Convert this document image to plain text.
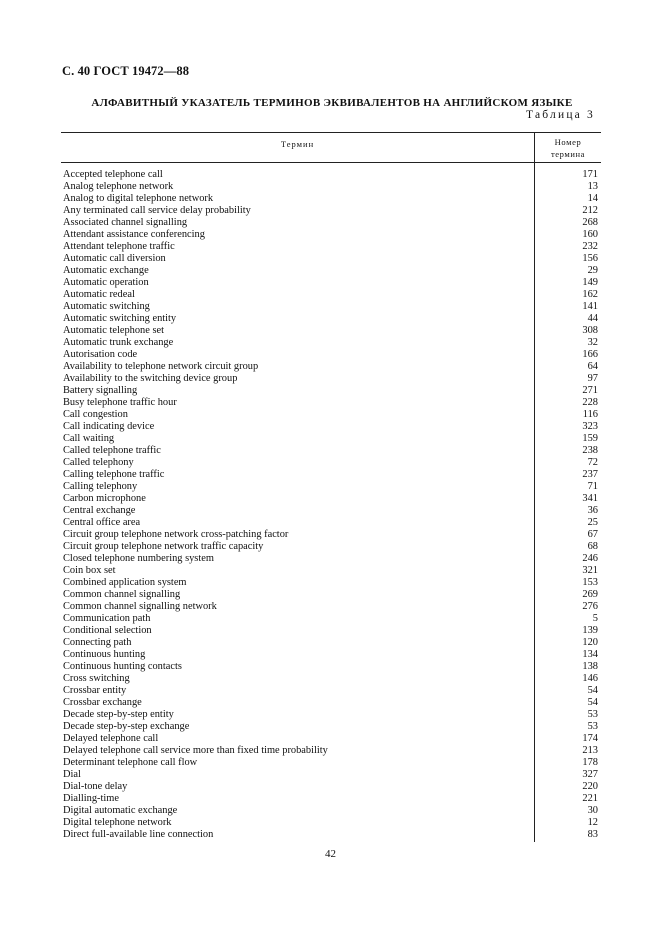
С. 40 ГОСТ 19472—88
АЛФАВИТНЫЙ УКАЗАТЕЛЬ ТЕРМИНОВ ЭКВИВАЛЕНТОВ НА АНГЛИЙСКОМ ЯЗЫКЕ
Таблица 3
Термин	Номер
термина
Accepted telephone call	171
Analog telephone network	13
Analog to digital telephone network	14
Any terminated call service delay probability	212
Associated channel signalling	268
Attendant assistance conferencing	160
Attendant telephone traffic	232
Automatic call diversion	156
Automatic exchange	29
Automatic operation	149
Automatic redeal	162
Automatic switching	141
Automatic switching entity	44
Automatic telephone set	308
Automatic trunk exchange	32
Autorisation code	166
Availability to telephone network circuit group	64
Availability to the switching device group	97
Battery signalling	271
Busy telephone traffic hour	228
Call congestion	116
Call indicating device	323
Call waiting	159
Called telephone traffic	238
Called telephony	72
Calling telephone traffic	237
Calling telephony	71
Carbon microphone	341
Central exchange	36
Central office area	25
Circuit group telephone network cross-patching factor	67
Circuit group telephone network traffic capacity	68
Closed telephone numbering system	246
Coin box set	321
Combined application system	153
Common channel signalling	269
Common channel signalling network	276
Communication path	5
Conditional selection	139
Connecting path	120
Continuous hunting	134
Continuous hunting contacts	138
Cross switching	146
Crossbar entity	54
Crossbar exchange	54
Decade step-by-step entity	53
Decade step-by-step exchange	53
Delayed telephone call	174
Delayed telephone call service more than fixed time probability	213
Determinant telephone call flow	178
Dial	327
Dial-tone delay	220
Dialling-time	221
Digital automatic exchange	30
Digital telephone network	12
Direct full-available line connection	83
42
